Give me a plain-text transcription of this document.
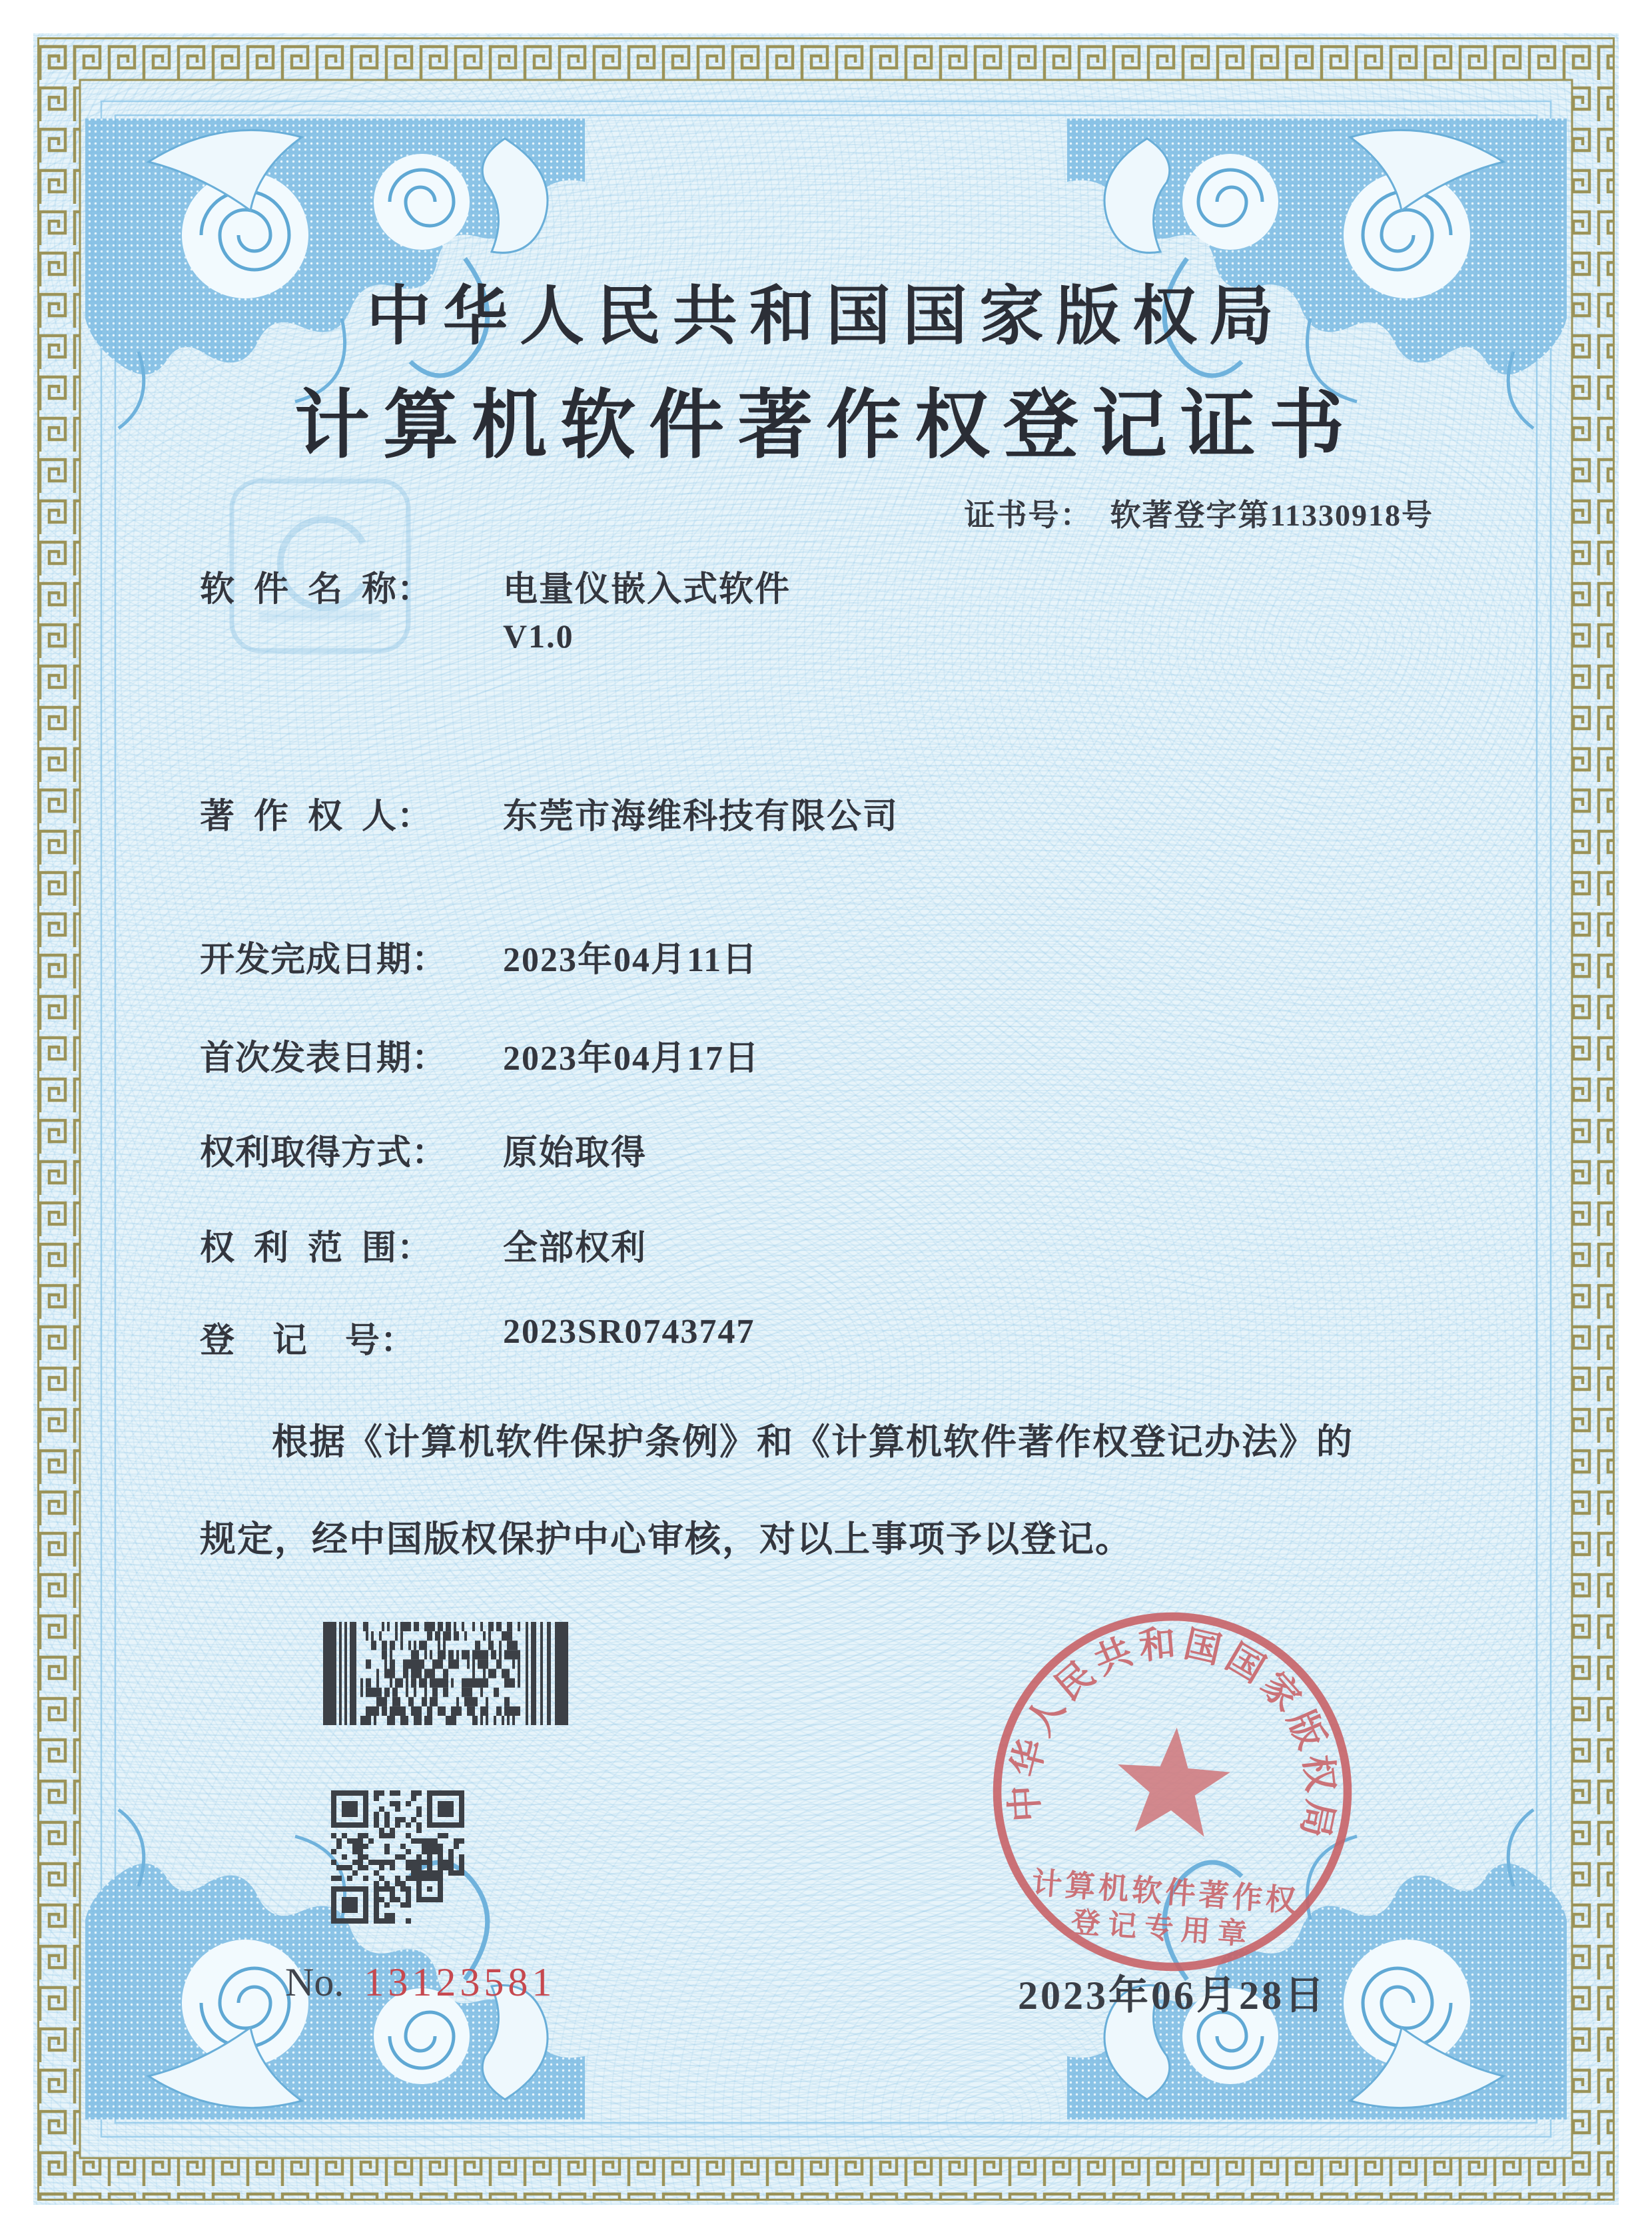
中华人民共和国国家版权局
计算机软件著作权登记证书
证书号： 软著登字第11330918号
软  件  名  称： 电量仪嵌入式软件
V1.0
著  作  权  人： 东莞市海维科技有限公司
开发完成日期： 2023年04月11日
首次发表日期： 2023年04月17日
权利取得方式： 原始取得
权  利  范  围： 全部权利
登    记    号：	2023SR0743747
根据《计算机软件保护条例》和《计算机软件著作权登记办法》的
规定，经中国版权保护中心审核，对以上事项予以登记。
中华人民共和国国家版权局
计算机软件著作权
登记专用章
No. 13123581	2023年06月28日
